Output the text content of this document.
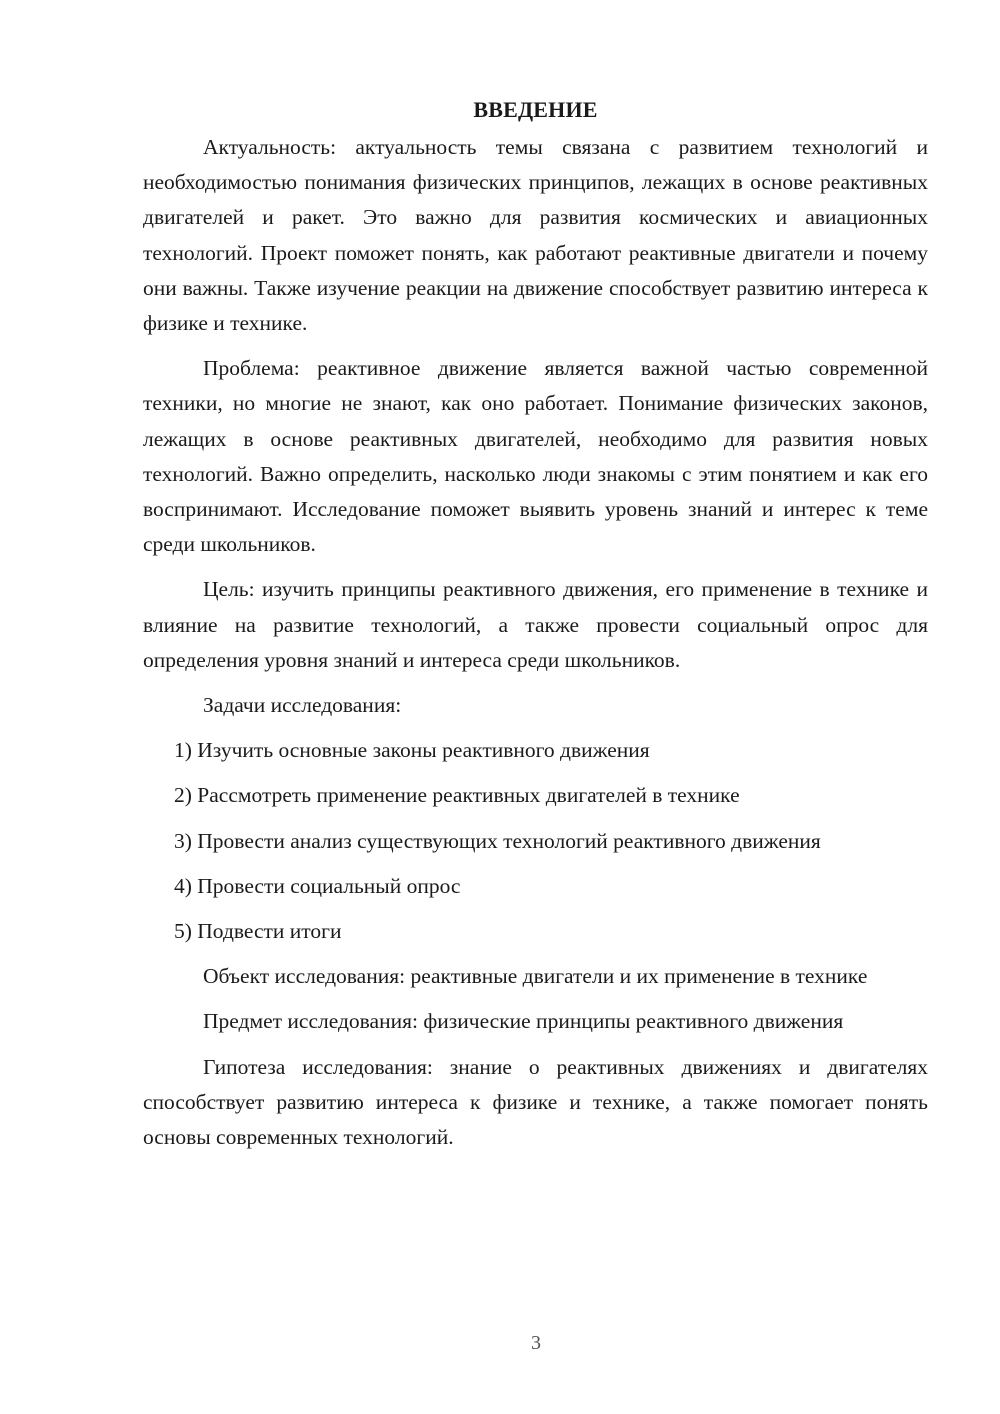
ВВЕДЕНИЕ

Актуальность: актуальность темы связана с развитием технологий и необходимостью понимания физических принципов, лежащих в основе реактивных двигателей и ракет. Это важно для развития космических и авиационных технологий. Проект поможет понять, как работают реактивные двигатели и почему они важны. Также изучение реакции на движение способствует развитию интереса к физике и технике.

Проблема: реактивное движение является важной частью современной техники, но многие не знают, как оно работает. Понимание физических законов, лежащих в основе реактивных двигателей, необходимо для развития новых технологий. Важно определить, насколько люди знакомы с этим понятием и как его воспринимают. Исследование поможет выявить уровень знаний и интерес к теме среди школьников.

Цель: изучить принципы реактивного движения, его применение в технике и влияние на развитие технологий, а также провести социальный опрос для определения уровня знаний и интереса среди школьников.

Задачи исследования:

1) Изучить основные законы реактивного движения
2) Рассмотреть применение реактивных двигателей в технике
3) Провести анализ существующих технологий реактивного движения
4) Провести социальный опрос
5) Подвести итоги

Объект исследования: реактивные двигатели и их применение в технике

Предмет исследования: физические принципы реактивного движения

Гипотеза исследования: знание о реактивных движениях и двигателях способствует развитию интереса к физике и технике, а также помогает понять основы современных технологий.

3
